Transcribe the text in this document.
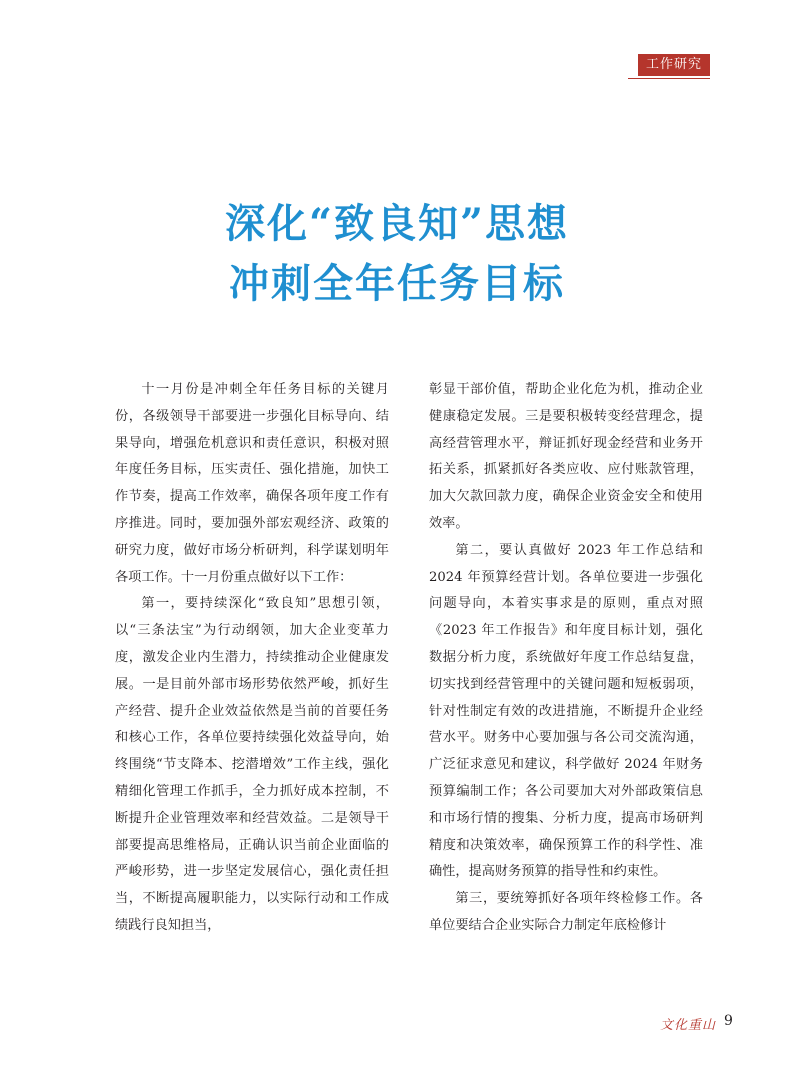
工作研究
深化“致良知”思想
冲刺全年任务目标

十一月份是冲刺全年任务目标的关键月份，各级领导干部要进一步强化目标导向、结果导向，增强危机意识和责任意识，积极对照年度任务目标，压实责任、强化措施，加快工作节奏，提高工作效率，确保各项年度工作有序推进。同时，要加强外部宏观经济、政策的研究力度，做好市场分析研判，科学谋划明年各项工作。十一月份重点做好以下工作：

第一，要持续深化“致良知”思想引领，以“三条法宝”为行动纲领，加大企业变革力度，激发企业内生潜力，持续推动企业健康发展。一是目前外部市场形势依然严峻，抓好生产经营、提升企业效益依然是当前的首要任务和核心工作，各单位要持续强化效益导向，始终围绕“节支降本、挖潜增效”工作主线，强化精细化管理工作抓手，全力抓好成本控制，不断提升企业管理效率和经营效益。二是领导干部要提高思维格局，正确认识当前企业面临的严峻形势，进一步坚定发展信心，强化责任担当，不断提高履职能力，以实际行动和工作成绩践行良知担当，

彰显干部价值，帮助企业化危为机，推动企业健康稳定发展。三是要积极转变经营理念，提高经营管理水平，辩证抓好现金经营和业务开拓关系，抓紧抓好各类应收、应付账款管理，加大欠款回款力度，确保企业资金安全和使用效率。

第二，要认真做好 2023 年工作总结和 2024 年预算经营计划。各单位要进一步强化问题导向，本着实事求是的原则，重点对照《2023 年工作报告》和年度目标计划，强化数据分析力度，系统做好年度工作总结复盘，切实找到经营管理中的关键问题和短板弱项，针对性制定有效的改进措施，不断提升企业经营水平。财务中心要加强与各公司交流沟通，广泛征求意见和建议，科学做好 2024 年财务预算编制工作；各公司要加大对外部政策信息和市场行情的搜集、分析力度，提高市场研判精度和决策效率，确保预算工作的科学性、准确性，提高财务预算的指导性和约束性。

第三，要统筹抓好各项年终检修工作。各单位要结合企业实际合力制定年底检修计

文化重山 9
